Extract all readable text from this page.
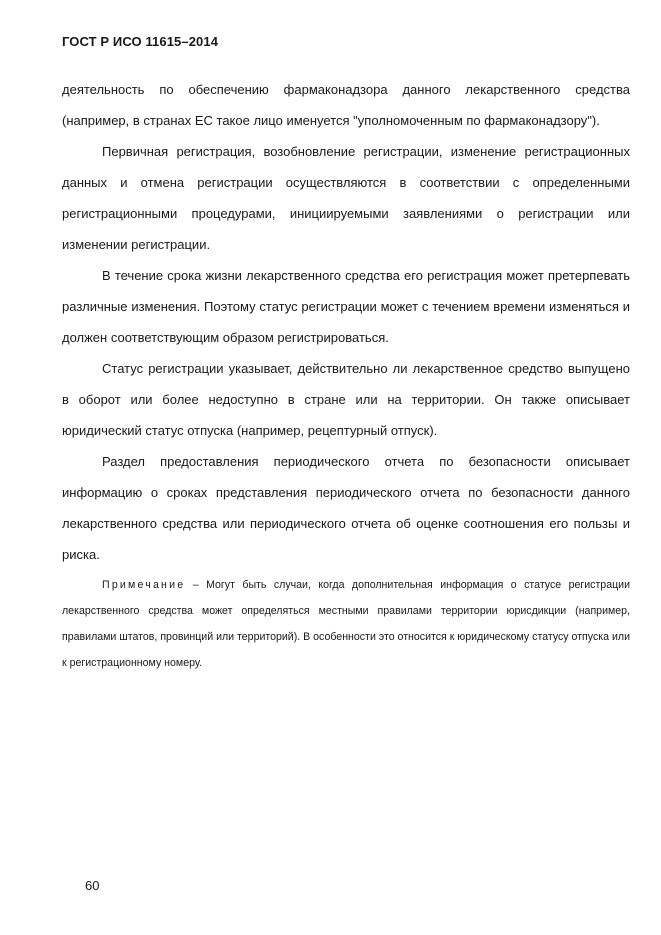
ГОСТ Р ИСО 11615–2014

деятельность по обеспечению фармаконадзора данного лекарственного средства (например, в странах ЕС такое лицо именуется "уполномоченным по фармаконадзору").

Первичная регистрация, возобновление регистрации, изменение регистрационных данных и отмена регистрации осуществляются в соответствии с определенными регистрационными процедурами, инициируемыми заявлениями о регистрации или изменении регистрации.

В течение срока жизни лекарственного средства его регистрация может претерпевать различные изменения. Поэтому статус регистрации может с течением времени изменяться и должен соответствующим образом регистрироваться.

Статус регистрации указывает, действительно ли лекарственное средство выпущено в оборот или более недоступно в стране или на территории. Он также описывает юридический статус отпуска (например, рецептурный отпуск).

Раздел предоставления периодического отчета по безопасности описывает информацию о сроках представления периодического отчета по безопасности данного лекарственного средства или периодического отчета об оценке соотношения его пользы и риска.

Примечание – Могут быть случаи, когда дополнительная информация о статусе регистрации лекарственного средства может определяться местными правилами территории юрисдикции (например, правилами штатов, провинций или территорий). В особенности это относится к юридическому статусу отпуска или к регистрационному номеру.

60
